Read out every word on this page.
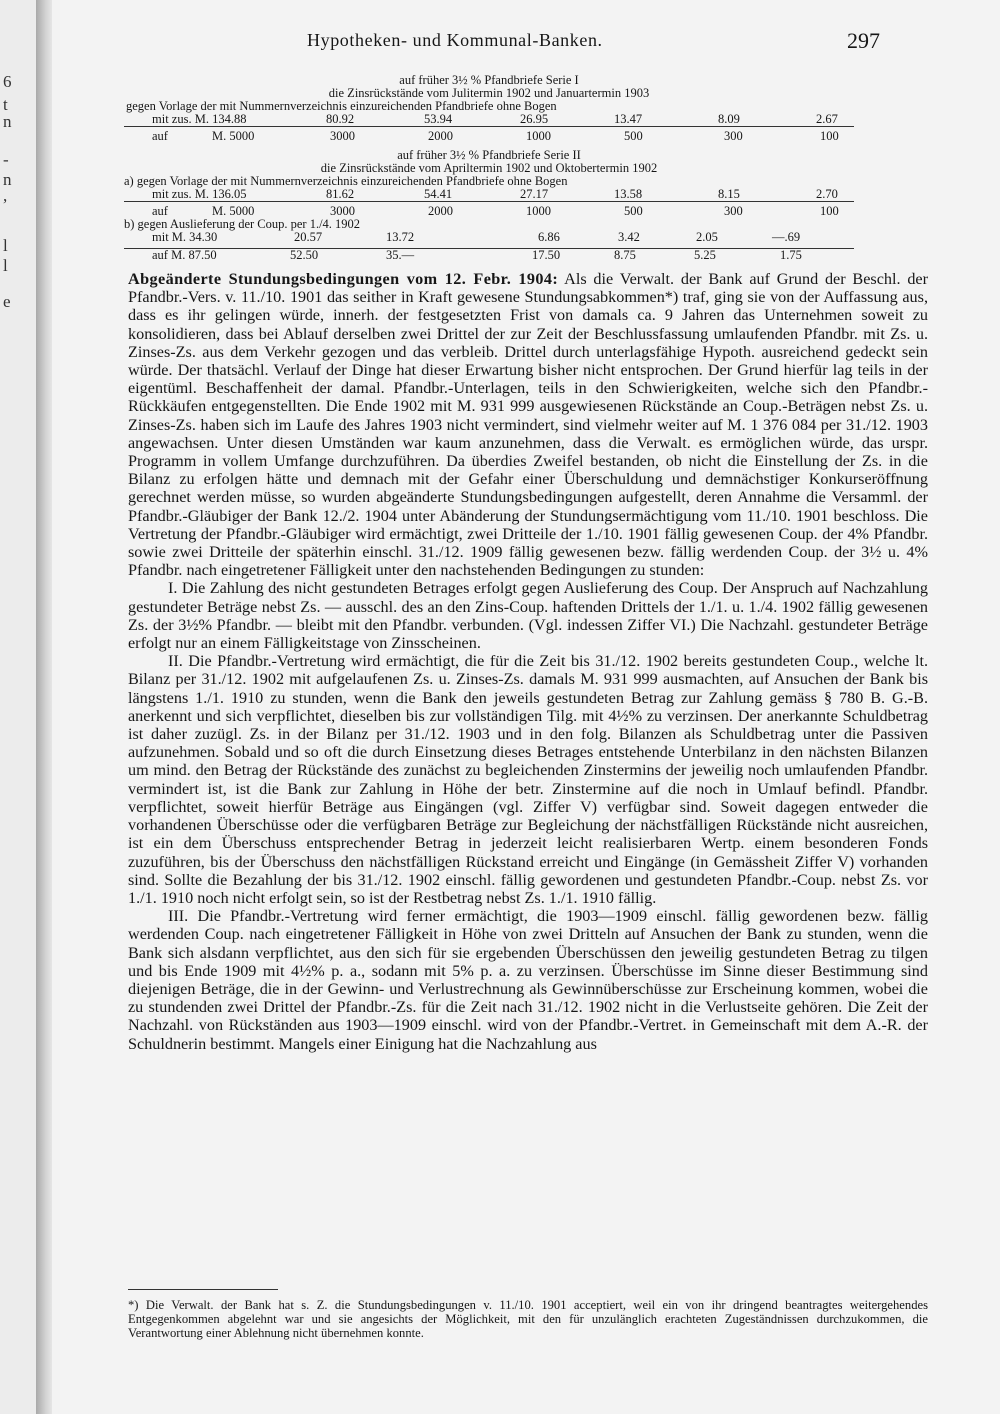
6
t
n
-
n
,
l
l
e
Hypotheken- und Kommunal-Banken.	297
auf früher 3½ % Pfandbriefe Serie I
die Zinsrückstände vom Julitermin 1902 und Januartermin 1903
gegen Vorlage der mit Nummernverzeichnis einzureichenden Pfandbriefe ohne Bogen
mit zus. M. 134.88	80.92	53.94	26.95	13.47	8.09	2.67
auf	M. 5000	3000	2000	1000	500	300	100
auf früher 3½ % Pfandbriefe Serie II
die Zinsrückstände vom Apriltermin 1902 und Oktobertermin 1902
a) gegen Vorlage der mit Nummernverzeichnis einzureichenden Pfandbriefe ohne Bogen
mit zus. M. 136.05	81.62	54.41	27.17	13.58	8.15	2.70
auf	M. 5000	3000	2000	1000	500	300	100
b) gegen Auslieferung der Coup. per 1./4. 1902
mit M. 34.30	20.57	13.72	6.86	3.42	2.05	—.69
auf M. 87.50	52.50	35.—	17.50	8.75	5.25	1.75

Abgeänderte Stundungsbedingungen vom 12. Febr. 1904: Als die Verwalt. der Bank auf Grund der Beschl. der Pfandbr.-Vers. v. 11./10. 1901 das seither in Kraft gewesene Stundungsabkommen*) traf, ging sie von der Auffassung aus, dass es ihr gelingen würde, innerh. der festgesetzten Frist von damals ca. 9 Jahren das Unternehmen soweit zu konsolidieren, dass bei Ablauf derselben zwei Drittel der zur Zeit der Beschlussfassung umlaufenden Pfandbr. mit Zs. u. Zinses-Zs. aus dem Verkehr gezogen und das verbleib. Drittel durch unterlagsfähige Hypoth. ausreichend gedeckt sein würde. Der thatsächl. Verlauf der Dinge hat dieser Erwartung bisher nicht entsprochen. Der Grund hierfür lag teils in der eigentüml. Beschaffenheit der damal. Pfandbr.-Unterlagen, teils in den Schwierigkeiten, welche sich den Pfandbr.-Rückkäufen entgegenstellten. Die Ende 1902 mit M. 931 999 ausgewiesenen Rückstände an Coup.-Beträgen nebst Zs. u. Zinses-Zs. haben sich im Laufe des Jahres 1903 nicht vermindert, sind vielmehr weiter auf M. 1 376 084 per 31./12. 1903 angewachsen. Unter diesen Umständen war kaum anzunehmen, dass die Verwalt. es ermöglichen würde, das urspr. Programm in vollem Umfange durchzuführen. Da überdies Zweifel bestanden, ob nicht die Einstellung der Zs. in die Bilanz zu erfolgen hätte und demnach mit der Gefahr einer Überschuldung und demnächstiger Konkurseröffnung gerechnet werden müsse, so wurden abgeänderte Stundungsbedingungen aufgestellt, deren Annahme die Versamml. der Pfandbr.-Gläubiger der Bank 12./2. 1904 unter Abänderung der Stundungsermächtigung vom 11./10. 1901 beschloss. Die Vertretung der Pfandbr.-Gläubiger wird ermächtigt, zwei Dritteile der 1./10. 1901 fällig gewesenen Coup. der 4% Pfandbr. sowie zwei Dritteile der späterhin einschl. 31./12. 1909 fällig gewesenen bezw. fällig werdenden Coup. der 3½ u. 4% Pfandbr. nach eingetretener Fälligkeit unter den nachstehenden Bedingungen zu stunden:

I. Die Zahlung des nicht gestundeten Betrages erfolgt gegen Auslieferung des Coup. Der Anspruch auf Nachzahlung gestundeter Beträge nebst Zs. — ausschl. des an den Zins-Coup. haftenden Drittels der 1./1. u. 1./4. 1902 fällig gewesenen Zs. der 3½% Pfandbr. — bleibt mit den Pfandbr. verbunden. (Vgl. indessen Ziffer VI.) Die Nachzahl. gestundeter Beträge erfolgt nur an einem Fälligkeitstage von Zinsscheinen.

II. Die Pfandbr.-Vertretung wird ermächtigt, die für die Zeit bis 31./12. 1902 bereits gestundeten Coup., welche lt. Bilanz per 31./12. 1902 mit aufgelaufenen Zs. u. Zinses-Zs. damals M. 931 999 ausmachten, auf Ansuchen der Bank bis längstens 1./1. 1910 zu stunden, wenn die Bank den jeweils gestundeten Betrag zur Zahlung gemäss § 780 B. G.-B. anerkennt und sich verpflichtet, dieselben bis zur vollständigen Tilg. mit 4½% zu verzinsen. Der anerkannte Schuldbetrag ist daher zuzügl. Zs. in der Bilanz per 31./12. 1903 und in den folg. Bilanzen als Schuldbetrag unter die Passiven aufzunehmen. Sobald und so oft die durch Einsetzung dieses Betrages entstehende Unterbilanz in den nächsten Bilanzen um mind. den Betrag der Rückstände des zunächst zu begleichenden Zinstermins der jeweilig noch umlaufenden Pfandbr. vermindert ist, ist die Bank zur Zahlung in Höhe der betr. Zinstermine auf die noch in Umlauf befindl. Pfandbr. verpflichtet, soweit hierfür Beträge aus Eingängen (vgl. Ziffer V) verfügbar sind. Soweit dagegen entweder die vorhandenen Überschüsse oder die verfügbaren Beträge zur Begleichung der nächstfälligen Rückstände nicht ausreichen, ist ein dem Überschuss entsprechender Betrag in jederzeit leicht realisierbaren Wertp. einem besonderen Fonds zuzuführen, bis der Überschuss den nächstfälligen Rückstand erreicht und Eingänge (in Gemässheit Ziffer V) vorhanden sind. Sollte die Bezahlung der bis 31./12. 1902 einschl. fällig gewordenen und gestundeten Pfandbr.-Coup. nebst Zs. vor 1./1. 1910 noch nicht erfolgt sein, so ist der Restbetrag nebst Zs. 1./1. 1910 fällig.

III. Die Pfandbr.-Vertretung wird ferner ermächtigt, die 1903—1909 einschl. fällig gewordenen bezw. fällig werdenden Coup. nach eingetretener Fälligkeit in Höhe von zwei Dritteln auf Ansuchen der Bank zu stunden, wenn die Bank sich alsdann verpflichtet, aus den sich für sie ergebenden Überschüssen den jeweilig gestundeten Betrag zu tilgen und bis Ende 1909 mit 4½% p. a., sodann mit 5% p. a. zu verzinsen. Überschüsse im Sinne dieser Bestimmung sind diejenigen Beträge, die in der Gewinn- und Verlustrechnung als Gewinnüberschüsse zur Erscheinung kommen, wobei die zu stundenden zwei Drittel der Pfandbr.-Zs. für die Zeit nach 31./12. 1902 nicht in die Verlustseite gehören. Die Zeit der Nachzahl. von Rückständen aus 1903—1909 einschl. wird von der Pfandbr.-Vertret. in Gemeinschaft mit dem A.-R. der Schuldnerin bestimmt. Mangels einer Einigung hat die Nachzahlung aus

*) Die Verwalt. der Bank hat s. Z. die Stundungsbedingungen v. 11./10. 1901 acceptiert, weil ein von ihr dringend beantragtes weitergehendes Entgegenkommen abgelehnt war und sie angesichts der Möglichkeit, mit den für unzulänglich erachteten Zugeständnissen durchzukommen, die Verantwortung einer Ablehnung nicht übernehmen konnte.
